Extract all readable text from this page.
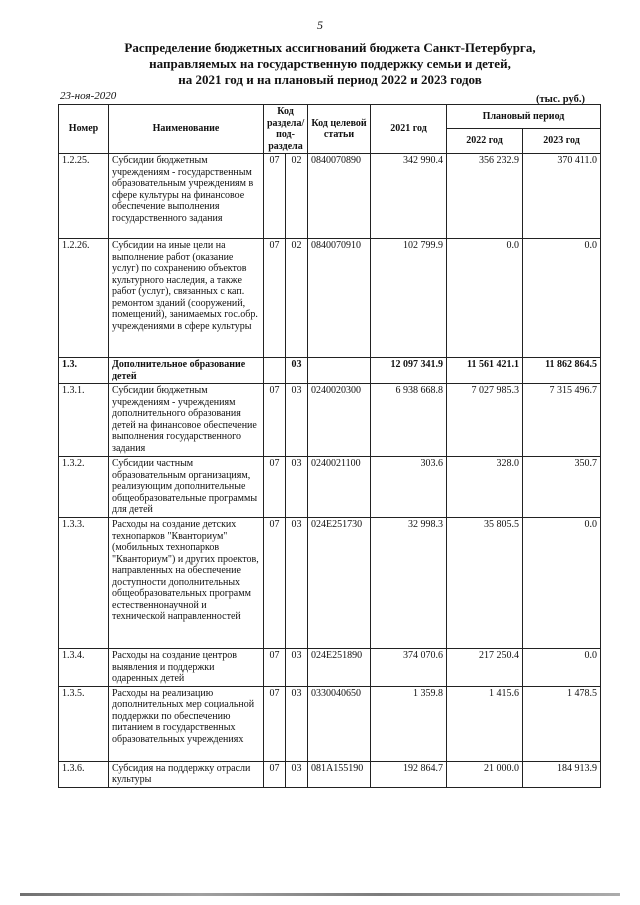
5
Распределение бюджетных ассигнований бюджета Санкт-Петербурга,
направляемых на государственную поддержку семьи и детей,
на 2021 год и на плановый период 2022 и 2023 годов
23-ноя-2020	(тыс. руб.)
Номер	Наименование	Код раздела/ под-раздела		Код целевой статьи	2021 год	Плановый период	
						2022 год	2023 год
1.2.25.	Субсидии бюджетным учреждениям - государственным образовательным учреждениям в сфере культуры на финансовое обеспечение выполнения государственного задания	07	02	0840070890	342 990.4	356 232.9	370 411.0
1.2.26.	Субсидии на иные цели на выполнение работ (оказание услуг) по сохранению объектов культурного наследия, а также работ (услуг), связанных с кап. ремонтом зданий (сооружений, помещений), занимаемых гос.обр. учреждениями в сфере культуры	07	02	0840070910	102 799.9	0.0	0.0
1.3.	Дополнительное образование детей		03		12 097 341.9	11 561 421.1	11 862 864.5
1.3.1.	Субсидии бюджетным учреждениям - учреждениям дополнительного образования детей на финансовое обеспечение выполнения государственного задания	07	03	0240020300	6 938 668.8	7 027 985.3	7 315 496.7
1.3.2.	Субсидии частным образовательным организациям, реализующим дополнительные общеобразовательные программы для детей	07	03	0240021100	303.6	328.0	350.7
1.3.3.	Расходы на создание детских технопарков "Кванториум" (мобильных технопарков "Кванториум") и других проектов, направленных на обеспечение доступности дополнительных общеобразовательных программ естественнонаучной и технической направленностей	07	03	024E251730	32 998.3	35 805.5	0.0
1.3.4.	Расходы на создание центров выявления и поддержки одаренных детей	07	03	024E251890	374 070.6	217 250.4	0.0
1.3.5.	Расходы на реализацию дополнительных мер социальной поддержки по обеспечению питанием в государственных образовательных учреждениях	07	03	0330040650	1 359.8	1 415.6	1 478.5
1.3.6.	Субсидия на поддержку отрасли культуры	07	03	081A155190	192 864.7	21 000.0	184 913.9
